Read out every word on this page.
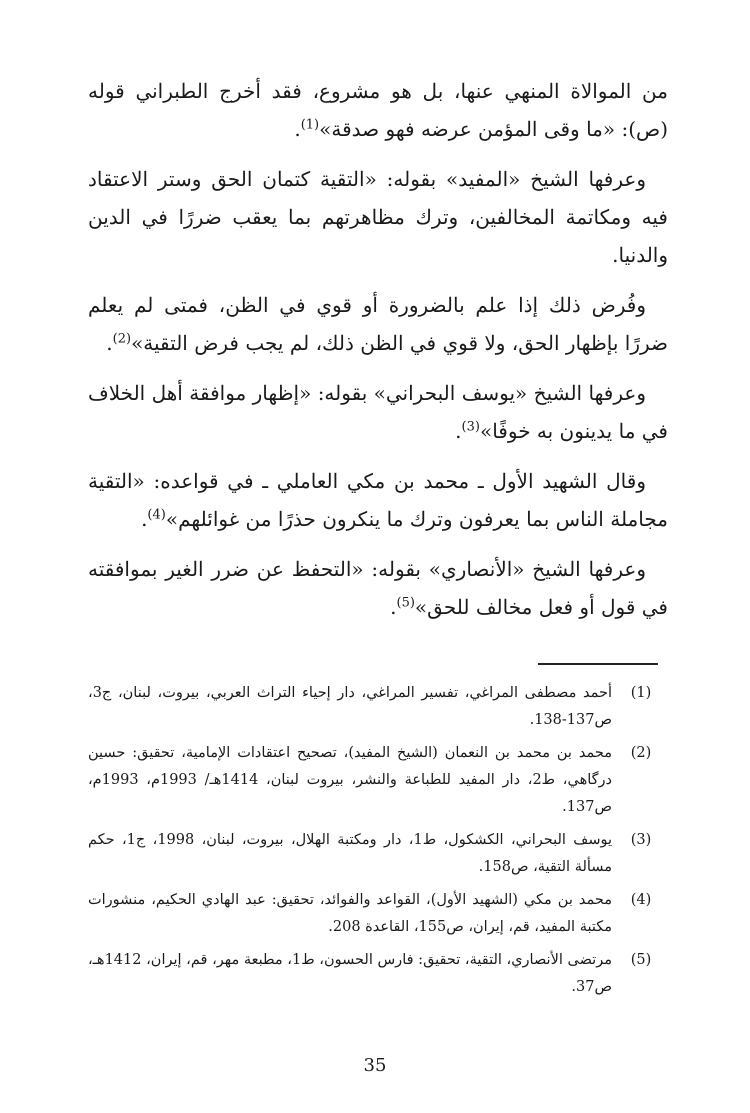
من الموالاة المنهي عنها، بل هو مشروع، فقد أخرج الطبراني قوله (ص): «ما وقى المؤمن عرضه فهو صدقة»$^{(1)}$.

وعرفها الشيخ «المفيد» بقوله: «التقية كتمان الحق وستر الاعتقاد فيه ومكاتمة المخالفين، وترك مظاهرتهم بما يعقب ضررًا في الدين والدنيا.

وفُرض ذلك إذا علم بالضرورة أو قوي في الظن، فمتى لم يعلم ضررًا بإظهار الحق، ولا قوي في الظن ذلك، لم يجب فرض التقية»$^{(2)}$.

وعرفها الشيخ «يوسف البحراني» بقوله: «إظهار موافقة أهل الخلاف في ما يدينون به خوفًا»$^{(3)}$.

وقال الشهيد الأول ـ محمد بن مكي العاملي ـ في قواعده: «التقية مجاملة الناس بما يعرفون وترك ما ينكرون حذرًا من غوائلهم»$^{(4)}$.

وعرفها الشيخ «الأنصاري» بقوله: «التحفظ عن ضرر الغير بموافقته في قول أو فعل مخالف للحق»$^{(5)}$.

(1)
أحمد مصطفى المراغي، تفسير المراغي، دار إحياء التراث العربي، بيروت، لبنان، ج3، ص137-138.
(2)
محمد بن محمد بن النعمان (الشيخ المفيد)، تصحيح اعتقادات الإمامية، تحقيق: حسين درگاهي، ط2، دار المفيد للطباعة والنشر، بيروت لبنان، 1414هـ/ 1993م، 1993م، ص137.
(3)
يوسف البحراني، الكشكول، ط1، دار ومكتبة الهلال، بيروت، لبنان، 1998، ج1، حكم مسألة التقية، ص158.
(4)
محمد بن مكي (الشهيد الأول)، القواعد والفوائد، تحقيق: عبد الهادي الحكيم، منشورات مكتبة المفيد، قم، إيران، ص155، القاعدة 208.
(5)
مرتضى الأنصاري، التقية، تحقيق: فارس الحسون، ط1، مطبعة مهر، قم، إيران، 1412هـ، ص37.
35
